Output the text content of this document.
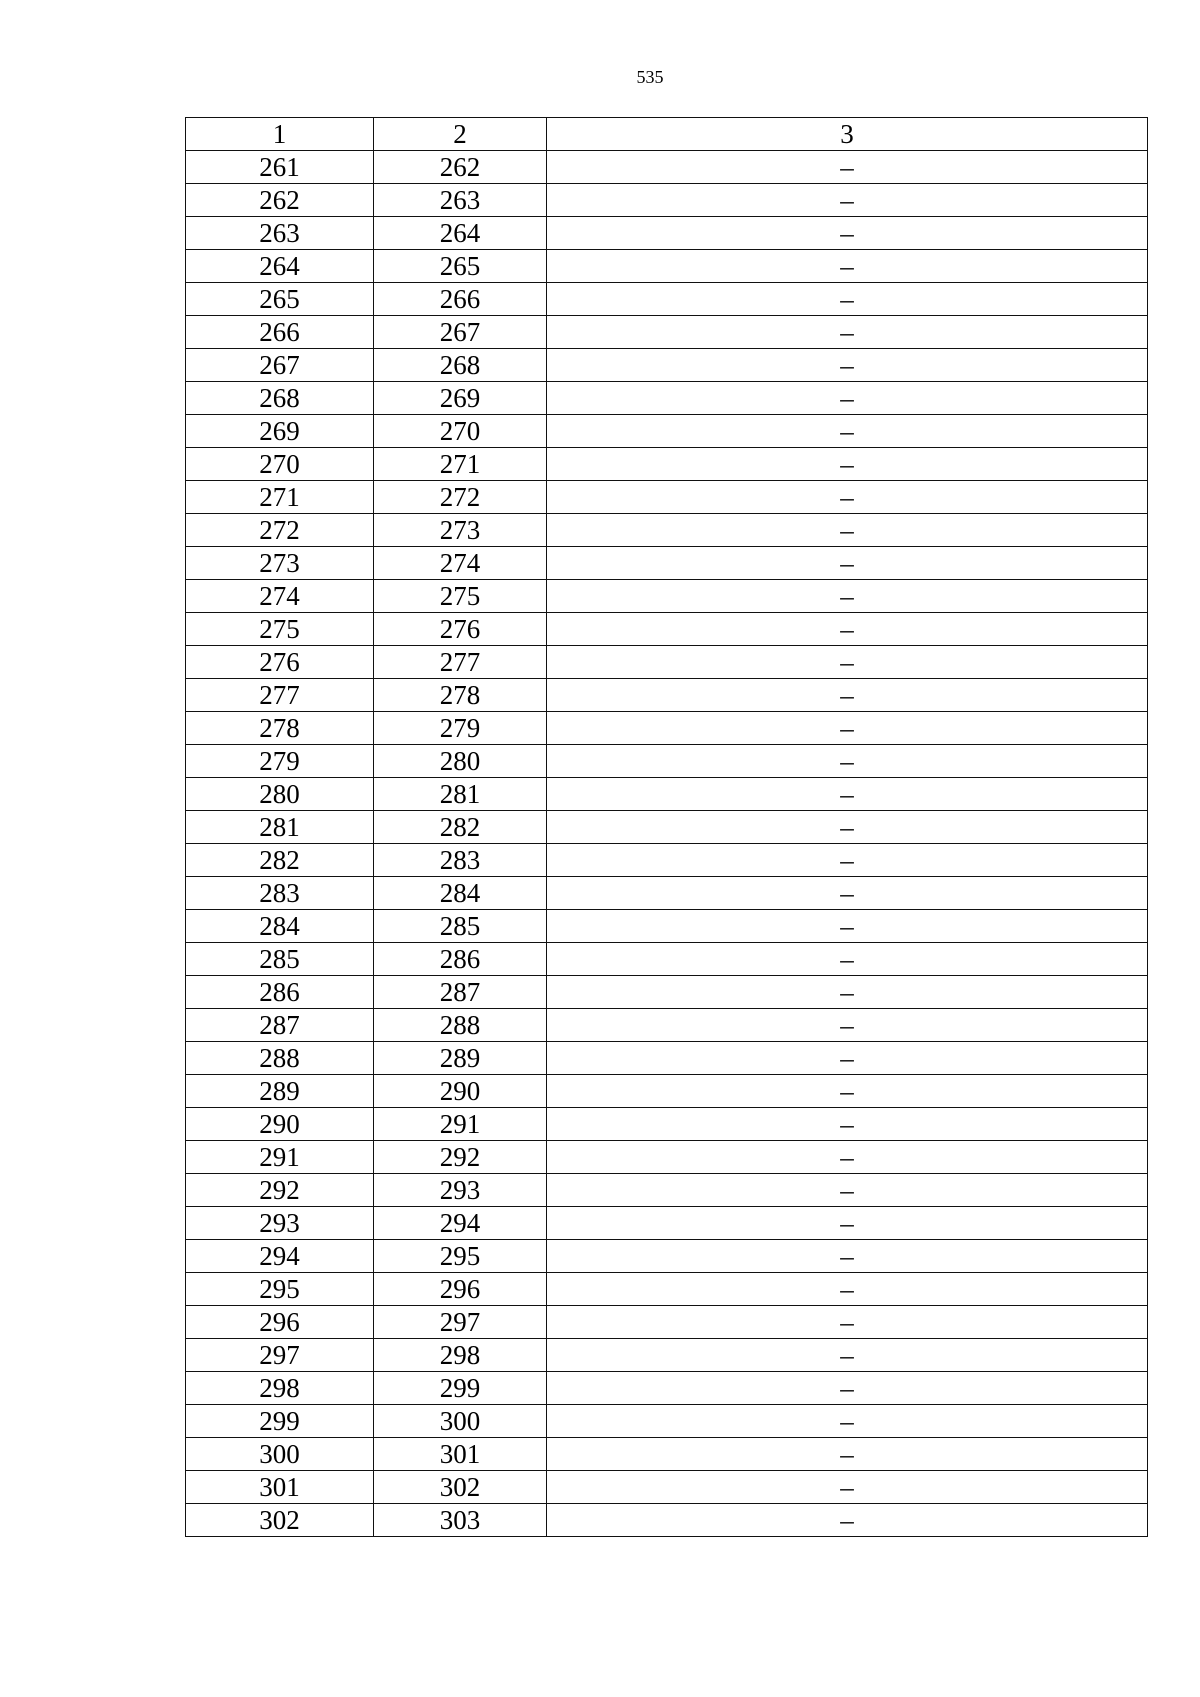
535
1	2	3
261	262	–
262	263	–
263	264	–
264	265	–
265	266	–
266	267	–
267	268	–
268	269	–
269	270	–
270	271	–
271	272	–
272	273	–
273	274	–
274	275	–
275	276	–
276	277	–
277	278	–
278	279	–
279	280	–
280	281	–
281	282	–
282	283	–
283	284	–
284	285	–
285	286	–
286	287	–
287	288	–
288	289	–
289	290	–
290	291	–
291	292	–
292	293	–
293	294	–
294	295	–
295	296	–
296	297	–
297	298	–
298	299	–
299	300	–
300	301	–
301	302	–
302	303	–
